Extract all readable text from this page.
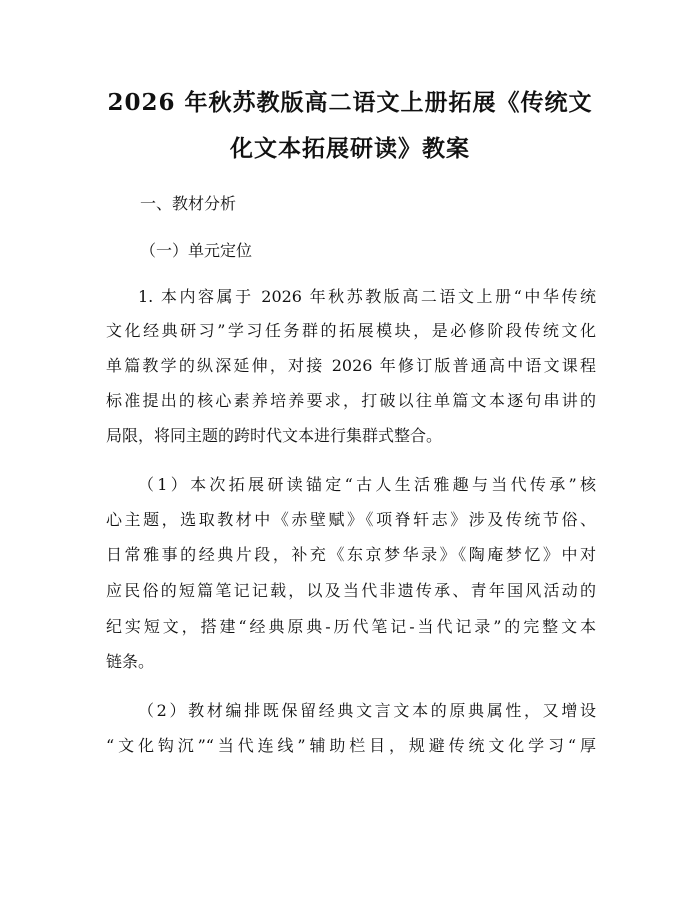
2026 年秋苏教版高二语文上册拓展《传统文
化文本拓展研读》教案
一、教材分析
（一）单元定位
1. 本内容属于 2026 年秋苏教版高二语文上册“中华传统
文化经典研习”学习任务群的拓展模块，是必修阶段传统文化
单篇教学的纵深延伸，对接 2026 年修订版普通高中语文课程
标准提出的核心素养培养要求，打破以往单篇文本逐句串讲的
局限，将同主题的跨时代文本进行集群式整合。
（1）本次拓展研读锚定“古人生活雅趣与当代传承”核
心主题，选取教材中《赤壁赋》《项脊轩志》涉及传统节俗、
日常雅事的经典片段，补充《东京梦华录》《陶庵梦忆》中对
应民俗的短篇笔记记载，以及当代非遗传承、青年国风活动的
纪实短文，搭建“经典原典-历代笔记-当代记录”的完整文本
链条。
（2）教材编排既保留经典文言文本的原典属性，又增设
“文化钩沉”“当代连线”辅助栏目，规避传统文化学习“厚
